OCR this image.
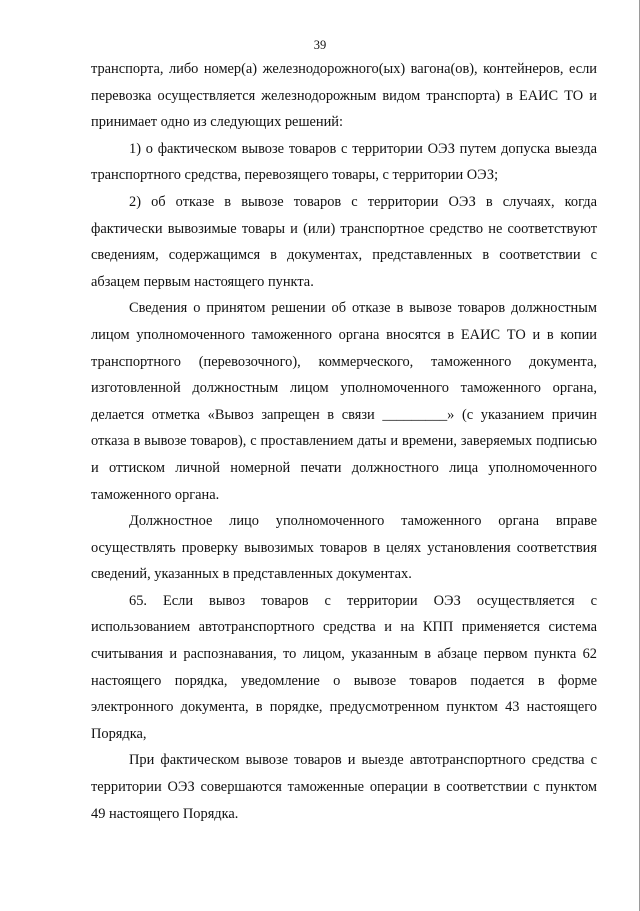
39

транспорта, либо номер(а) железнодорожного(ых) вагона(ов), контейнеров, если перевозка осуществляется железнодорожным видом транспорта) в ЕАИС ТО и принимает одно из следующих решений:

1) о фактическом вывозе товаров с территории ОЭЗ путем допуска выезда транспортного средства, перевозящего товары, с территории ОЭЗ;

2) об отказе в вывозе товаров с территории ОЭЗ в случаях, когда фактически вывозимые товары и (или) транспортное средство не соответствуют сведениям, содержащимся в документах, представленных в соответствии с абзацем первым настоящего пункта.

Сведения о принятом решении об отказе в вывозе товаров должностным лицом уполномоченного таможенного органа вносятся в ЕАИС ТО и в копии транспортного (перевозочного), коммерческого, таможенного документа, изготовленной должностным лицом уполномоченного таможенного органа, делается отметка «Вывоз запрещен в связи _________» (с указанием причин отказа в вывозе товаров), с проставлением даты и времени, заверяемых подписью и оттиском личной номерной печати должностного лица уполномоченного таможенного органа.

Должностное лицо уполномоченного таможенного органа вправе осуществлять проверку вывозимых товаров в целях установления соответствия сведений, указанных в представленных документах.

65. Если вывоз товаров с территории ОЭЗ осуществляется с использованием автотранспортного средства и на КПП применяется система считывания и распознавания, то лицом, указанным в абзаце первом пункта 62 настоящего порядка, уведомление о вывозе товаров подается в форме электронного документа, в порядке, предусмотренном пунктом 43 настоящего Порядка,

При фактическом вывозе товаров и выезде автотранспортного средства с территории ОЭЗ совершаются таможенные операции в соответствии с пунктом 49 настоящего Порядка.
